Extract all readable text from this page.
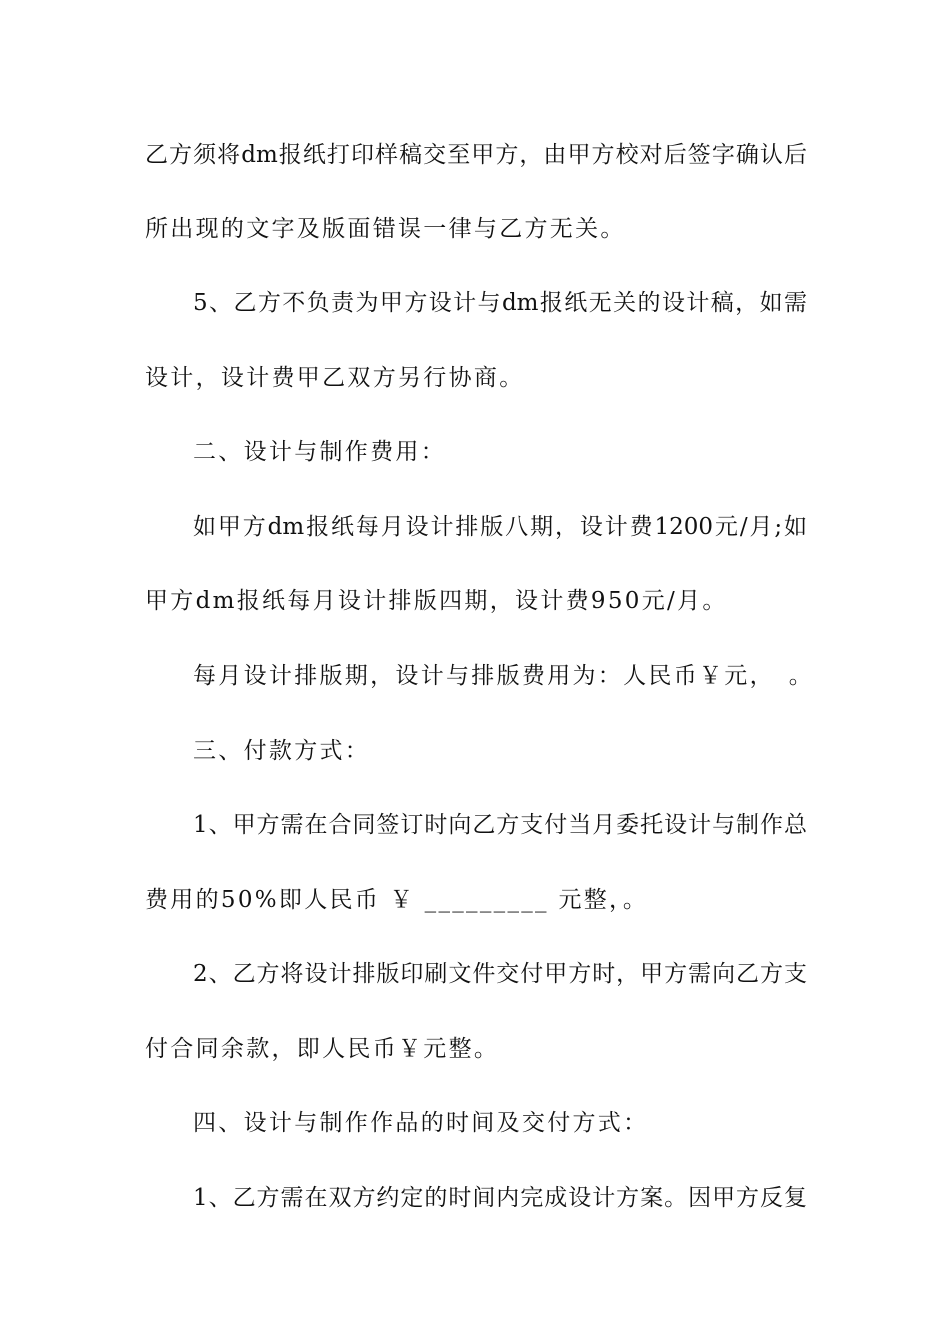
乙方须将dm报纸打印样稿交至甲方，由甲方校对后签字确认后
所出现的文字及版面错误一律与乙方无关。
5、乙方不负责为甲方设计与dm报纸无关的设计稿，如需
设计，设计费甲乙双方另行协商。
二、设计与制作费用：
如甲方dm报纸每月设计排版八期，设计费1200元/月;如
甲方dm报纸每月设计排版四期，设计费950元/月。
每月设计排版期，设计与排版费用为：人民币￥元，　。
三、付款方式：
1、甲方需在合同签订时向乙方支付当月委托设计与制作总
费用的50%即人民币 ￥ _________ 元整，。
2、乙方将设计排版印刷文件交付甲方时，甲方需向乙方支
付合同余款，即人民币￥元整。
四、设计与制作作品的时间及交付方式：
1、乙方需在双方约定的时间内完成设计方案。因甲方反复
